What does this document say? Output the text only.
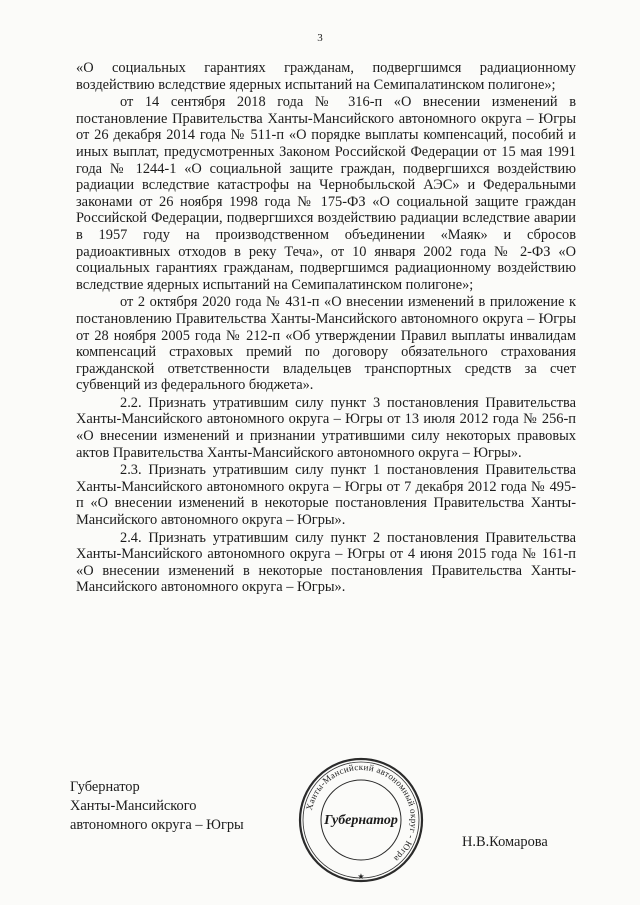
3

«О социальных гарантиях гражданам, подвергшимся радиационному воздействию вследствие ядерных испытаний на Семипалатинском полигоне»;

от 14 сентября 2018 года № 316-п «О внесении изменений в постановление Правительства Ханты-Мансийского автономного округа – Югры от 26 декабря 2014 года № 511-п «О порядке выплаты компенсаций, пособий и иных выплат, предусмотренных Законом Российской Федерации от 15 мая 1991 года № 1244-1 «О социальной защите граждан, подвергшихся воздействию радиации вследствие катастрофы на Чернобыльской АЭС» и Федеральными законами от 26 ноября 1998 года № 175-ФЗ «О социальной защите граждан Российской Федерации, подвергшихся воздействию радиации вследствие аварии в 1957 году на производственном объединении «Маяк» и сбросов радиоактивных отходов в реку Теча», от 10 января 2002 года № 2-ФЗ «О социальных гарантиях гражданам, подвергшимся радиационному воздействию вследствие ядерных испытаний на Семипалатинском полигоне»;

от 2 октября 2020 года № 431-п «О внесении изменений в приложение к постановлению Правительства Ханты-Мансийского автономного округа – Югры от 28 ноября 2005 года № 212-п «Об утверждении Правил выплаты инвалидам компенсаций страховых премий по договору обязательного страхования гражданской ответственности владельцев транспортных средств за счет субвенций из федерального бюджета».

2.2. Признать утратившим силу пункт 3 постановления Правительства Ханты-Мансийского автономного округа – Югры от 13 июля 2012 года № 256-п «О внесении изменений и признании утратившими силу некоторых правовых актов Правительства Ханты-Мансийского автономного округа – Югры».

2.3. Признать утратившим силу пункт 1 постановления Правительства Ханты-Мансийского автономного округа – Югры от 7 декабря 2012 года № 495-п «О внесении изменений в некоторые постановления Правительства Ханты-Мансийского автономного округа – Югры».

2.4. Признать утратившим силу пункт 2 постановления Правительства Ханты-Мансийского автономного округа – Югры от 4 июня 2015 года № 161-п «О внесении изменений в некоторые постановления Правительства Ханты-Мансийского автономного округа – Югры».

Губернатор
Ханты-Мансийского
автономного округа – Югры
Ханты-Мансийский автономный округ - Югра
Губернатор
★
Н.В.Комарова
